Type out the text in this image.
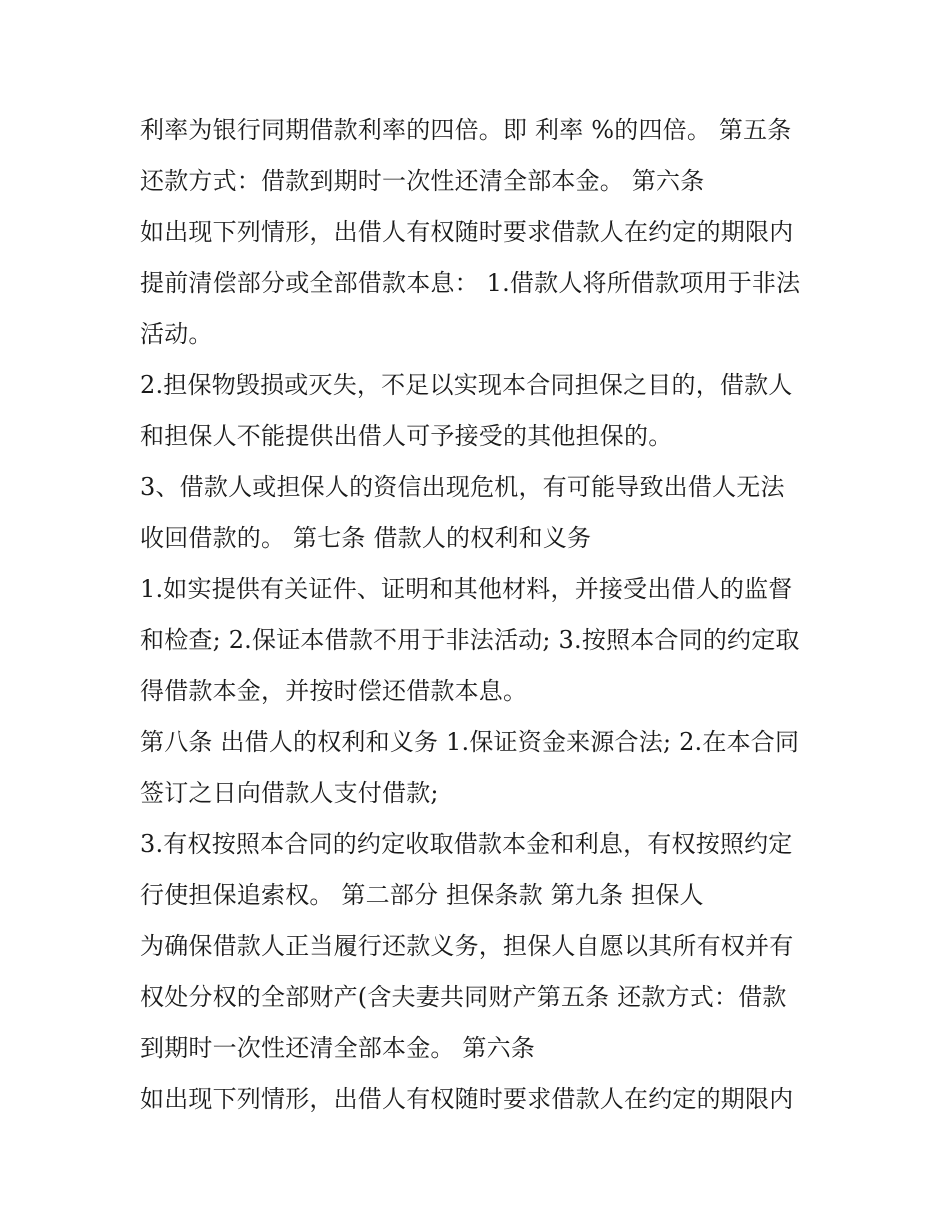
利率为银行同期借款利率的四倍。即 利率 %的四倍。 第五条
还款方式：借款到期时一次性还清全部本金。 第六条
如出现下列情形，出借人有权随时要求借款人在约定的期限内
提前清偿部分或全部借款本息： 1.借款人将所借款项用于非法
活动。
2.担保物毁损或灭失，不足以实现本合同担保之目的，借款人
和担保人不能提供出借人可予接受的其他担保的。
3、借款人或担保人的资信出现危机，有可能导致出借人无法
收回借款的。 第七条 借款人的权利和义务
1.如实提供有关证件、证明和其他材料，并接受出借人的监督
和检查; 2.保证本借款不用于非法活动; 3.按照本合同的约定取
得借款本金，并按时偿还借款本息。
第八条 出借人的权利和义务 1.保证资金来源合法; 2.在本合同
签订之日向借款人支付借款;
3.有权按照本合同的约定收取借款本金和利息，有权按照约定
行使担保追索权。 第二部分 担保条款 第九条 担保人
为确保借款人正当履行还款义务，担保人自愿以其所有权并有
权处分权的全部财产(含夫妻共同财产第五条 还款方式：借款
到期时一次性还清全部本金。 第六条
如出现下列情形，出借人有权随时要求借款人在约定的期限内
